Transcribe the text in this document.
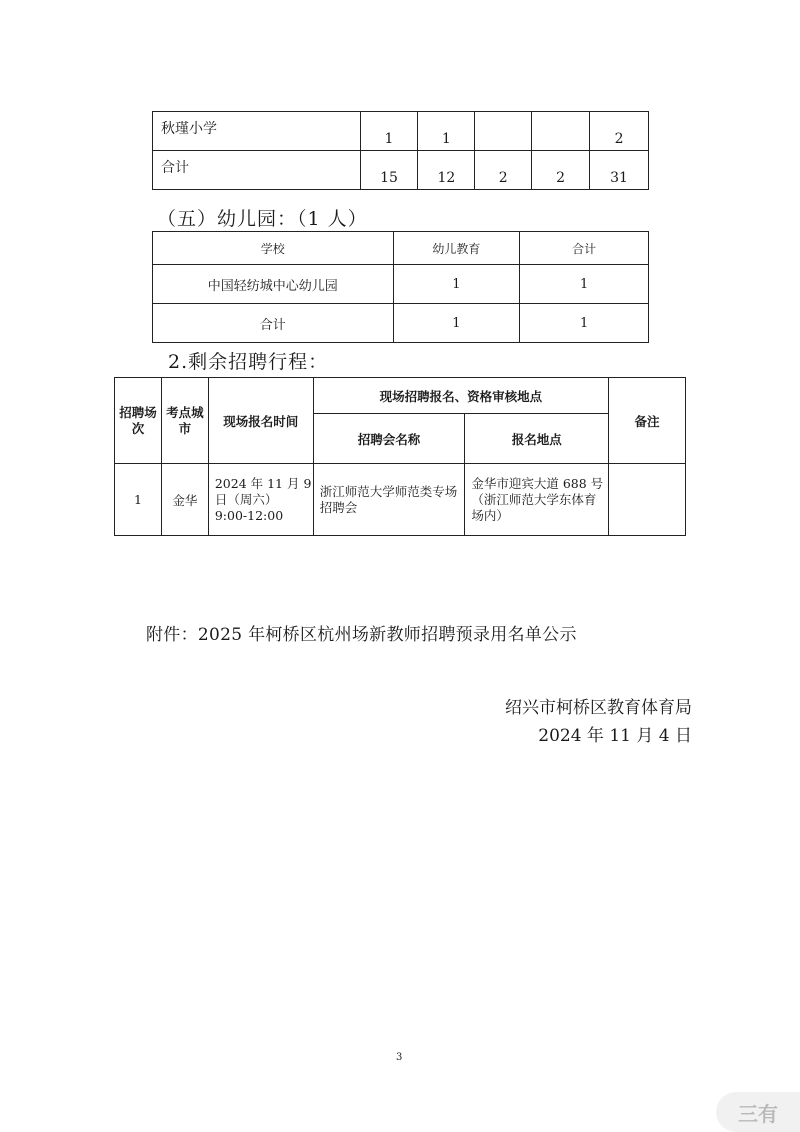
秋瑾小学	1	1			2
合计	15	12	2	2	31
（五）幼儿园：（1 人）
学校	幼儿教育	合计
中国轻纺城中心幼儿园	1	1
合计	1	1
2.剩余招聘行程：
招聘场次	考点城市	现场报名时间	现场招聘报名、资格审核地点		备注
			招聘会名称	报名地点	
1	金华	2024 年 11 月 9 日（周六） 9:00-12:00	浙江师范大学师范类专场招聘会	金华市迎宾大道 688 号（浙江师范大学东体育场内）	
附件：2025 年柯桥区杭州场新教师招聘预录用名单公示
绍兴市柯桥区教育体育局
2024 年 11 月 4 日
3
三有
